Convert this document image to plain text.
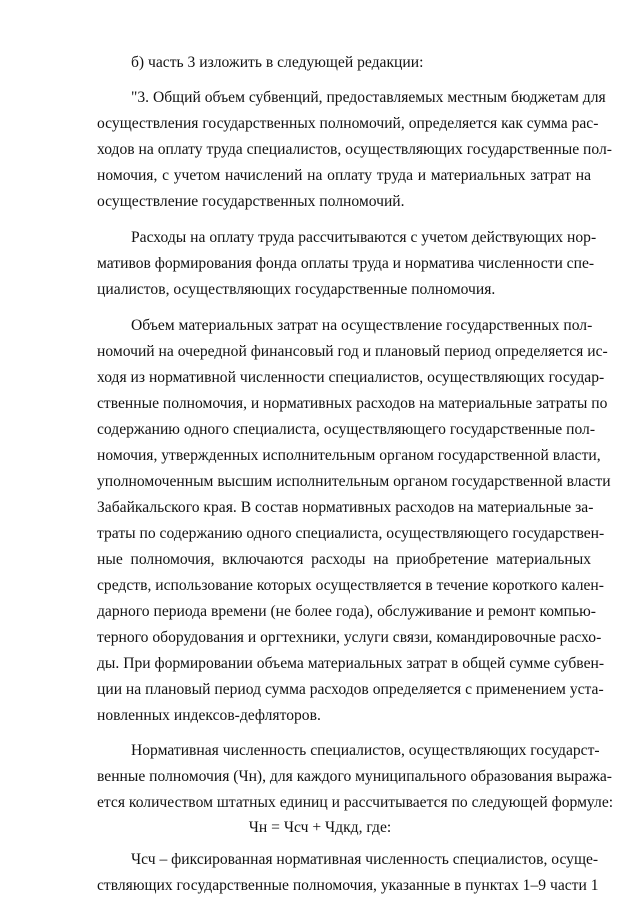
б) часть 3 изложить в следующей редакции:
"3. Общий объем субвенций, предоставляемых местным бюджетам для
осуществления государственных полномочий, определяется как сумма рас-
ходов на оплату труда специалистов, осуществляющих государственные пол-
номочия, с учетом начислений на оплату труда и материальных затрат на
осуществление государственных полномочий.
Расходы на оплату труда рассчитываются с учетом действующих нор-
мативов формирования фонда оплаты труда и норматива численности спе-
циалистов, осуществляющих государственные полномочия.
Объем материальных затрат на осуществление государственных пол-
номочий на очередной финансовый год и плановый период определяется ис-
ходя из нормативной численности специалистов, осуществляющих государ-
ственные полномочия, и нормативных расходов на материальные затраты по
содержанию одного специалиста, осуществляющего государственные пол-
номочия, утвержденных исполнительным органом государственной власти,
уполномоченным высшим исполнительным органом государственной власти
Забайкальского края. В состав нормативных расходов на материальные за-
траты по содержанию одного специалиста, осуществляющего государствен-
ные полномочия, включаются расходы на приобретение материальных
средств, использование которых осуществляется в течение короткого кален-
дарного периода времени (не более года), обслуживание и ремонт компью-
терного оборудования и оргтехники, услуги связи, командировочные расхо-
ды. При формировании объема материальных затрат в общей сумме субвен-
ции на плановый период сумма расходов определяется с применением уста-
новленных индексов-дефляторов.
Нормативная численность специалистов, осуществляющих государст-
венные полномочия (Чн), для каждого муниципального образования выража-
ется количеством штатных единиц и рассчитывается по следующей формуле:
Чн = Чсч + Чдкд, где:
Чсч – фиксированная нормативная численность специалистов, осуще-
ствляющих государственные полномочия, указанные в пунктах 1–9 части 1
